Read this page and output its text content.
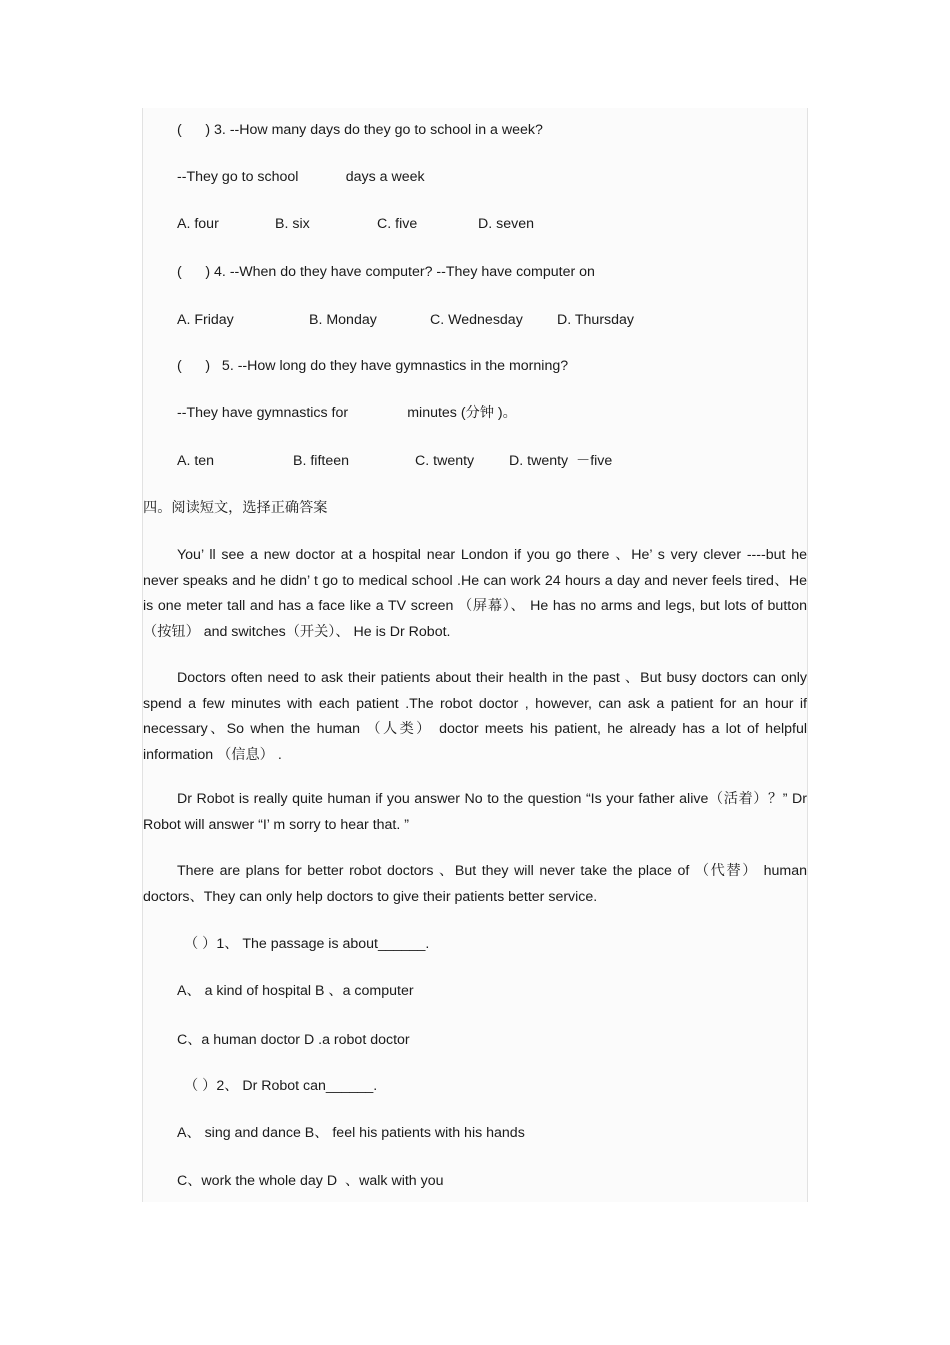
(      ) 3. --How many days do they go to school in a week?
--They go to school            days a week
A. four	B. six	C. five	D. seven
(      ) 4. --When do they have computer? --They have computer on
A. Friday	B. Monday	C. Wednesday D. Thursday
(      )   5. --How long do they have gymnastics in the morning?
--They have gymnastics for               minutes (分钟 )。
A. ten	B. fifteen	C. twenty D. twenty  －five
四。阅读短文，选择正确答案
You’ ll see a new doctor at a hospital near London if you go there 、He’ s very clever ----but he never speaks and he didn’ t go to medical school .He can work 24 hours a day and never feels tired、He is one meter tall and has a face like a TV screen （屏幕）、 He has no arms and legs, but lots of button （按钮） and switches（开关）、 He is Dr Robot.
Doctors often need to ask their patients about their health in the past 、But busy doctors can only spend a few minutes with each patient .The robot doctor , however, can ask a patient for an hour if necessary、So when the human （人类） doctor meets his patient, he already has a lot of helpful information （信息） .
Dr Robot is really quite human if you answer No to the question “Is your father alive（活着）？” Dr Robot will answer “I’ m sorry to hear that. ”
There are plans for better robot doctors 、But they will never take the place of （代替） human doctors、They can only help doctors to give their patients better service.
（ ）1、 The passage is about______.
A、 a kind of hospital B 、a computer
C、a human doctor D .a robot doctor
（ ）2、 Dr Robot can______.
A、 sing and dance B、 feel his patients with his hands
C、work the whole day D  、walk with you
